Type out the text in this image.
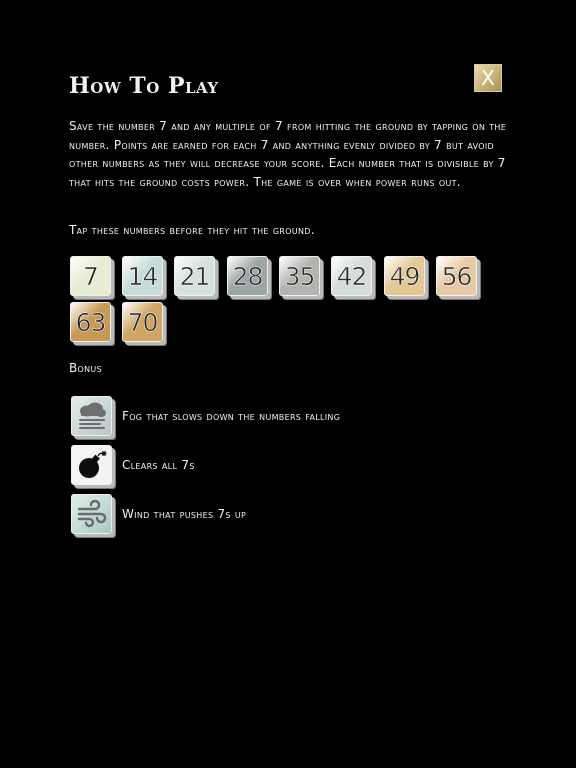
How To Play	X
Save the number 7 and any multiple of 7 from hitting the ground by tapping on the number. Points are earned for each 7 and anything evenly divided by 7 but avoid other numbers as they will decrease your score. Each number that is divisible by 7 that hits the ground costs power. The game is over when power runs out.
Tap these numbers before they hit the ground.
7 14 21 28 35 42 49 56
63 70
Bonus
Fog that slows down the numbers falling
Clears all 7s
Wind that pushes 7s up
